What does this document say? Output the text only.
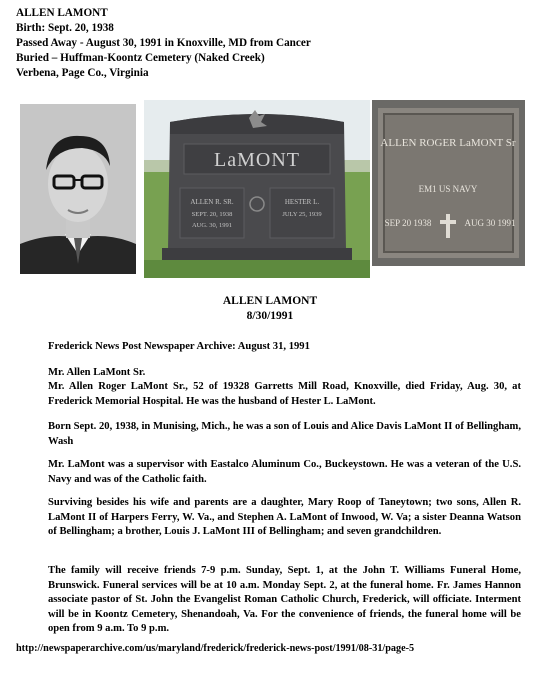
ALLEN LAMONT
Birth: Sept. 20, 1938
Passed Away - August 30, 1991 in Knoxville, MD from Cancer
Buried – Huffman-Koontz Cemetery (Naked Creek)
Verbena, Page Co., Virginia
LaMONT
ALLEN R. SR.
SEPT. 20, 1938
AUG. 30, 1991
HESTER L.
JULY 25, 1939
ALLEN ROGER LaMONT Sr
EM1 US NAVY
SEP 20 1938	AUG 30 1991
ALLEN LAMONT
8/30/1991
Frederick News Post Newspaper Archive: August 31, 1991
Mr. Allen LaMont Sr.
Mr. Allen Roger LaMont Sr., 52 of 19328 Garretts Mill Road, Knoxville, died Friday, Aug. 30, at Frederick Memorial Hospital. He was the husband of Hester L. LaMont.
Born Sept. 20, 1938, in Munising, Mich., he was a son of Louis and Alice Davis LaMont II of Bellingham, Wash
Mr. LaMont was a supervisor with Eastalco Aluminum Co., Buckeystown. He was a veteran of the U.S. Navy and was of the Catholic faith.
Surviving besides his wife and parents are a daughter, Mary Roop of Taneytown; two sons, Allen R. LaMont II of Harpers Ferry, W. Va., and Stephen A. LaMont of Inwood, W. Va; a sister Deanna Watson of Bellingham; a brother, Louis J. LaMont III of Bellingham; and seven grandchildren.
The family will receive friends 7-9 p.m. Sunday, Sept. 1, at the John T. Williams Funeral Home, Brunswick. Funeral services will be at 10 a.m. Monday Sept. 2, at the funeral home. Fr. James Hannon associate pastor of St. John the Evangelist Roman Catholic Church, Frederick, will officiate. Interment will be in Koontz Cemetery, Shenandoah, Va. For the convenience of friends, the funeral home will be open from 9 a.m. To 9 p.m.
http://newspaperarchive.com/us/maryland/frederick/frederick-news-post/1991/08-31/page-5
